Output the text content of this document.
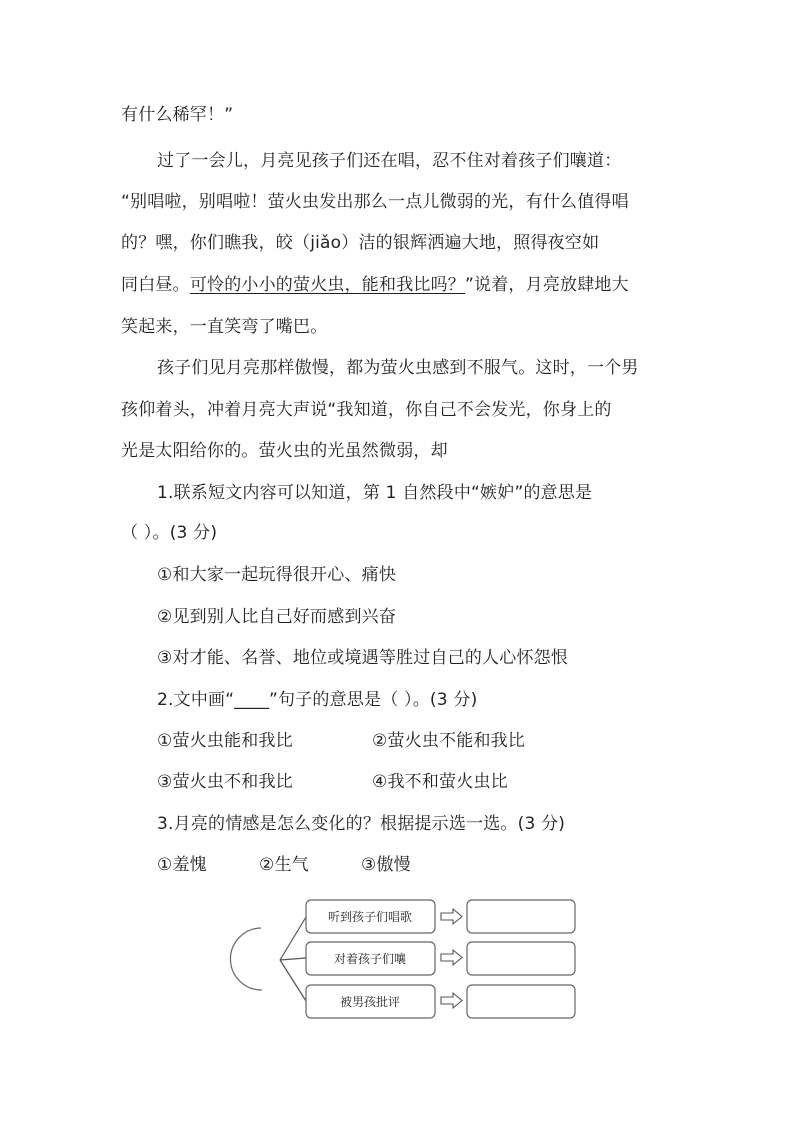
有什么稀罕！”
过了一会儿，月亮见孩子们还在唱，忍不住对着孩子们嚷道：
“别唱啦，别唱啦！萤火虫发出那么一点儿微弱的光，有什么值得唱
的？嘿，你们瞧我，皎（jiǎo）洁的银辉洒遍大地，照得夜空如
同白昼。可怜的小小的萤火虫，能和我比吗？”说着，月亮放肆地大
笑起来，一直笑弯了嘴巴。
孩子们见月亮那样傲慢，都为萤火虫感到不服气。这时，一个男
孩仰着头，冲着月亮大声说“我知道，你自己不会发光，你身上的
光是太阳给你的。萤火虫的光虽然微弱，却
1.联系短文内容可以知道，第 1 自然段中“嫉妒”的意思是
（ ）。(3 分)
①和大家一起玩得很开心、痛快
②见到别人比自己好而感到兴奋
③对才能、名誉、地位或境遇等胜过自己的人心怀怨恨
2.文中画“____”句子的意思是（ ）。(3 分)
①萤火虫能和我比	②萤火虫不能和我比
③萤火虫不和我比	④我不和萤火虫比
3.月亮的情感是怎么变化的？根据提示选一选。(3 分)
①羞愧	②生气	③傲慢
听到孩子们唱歌
对着孩子们嚷
被男孩批评
